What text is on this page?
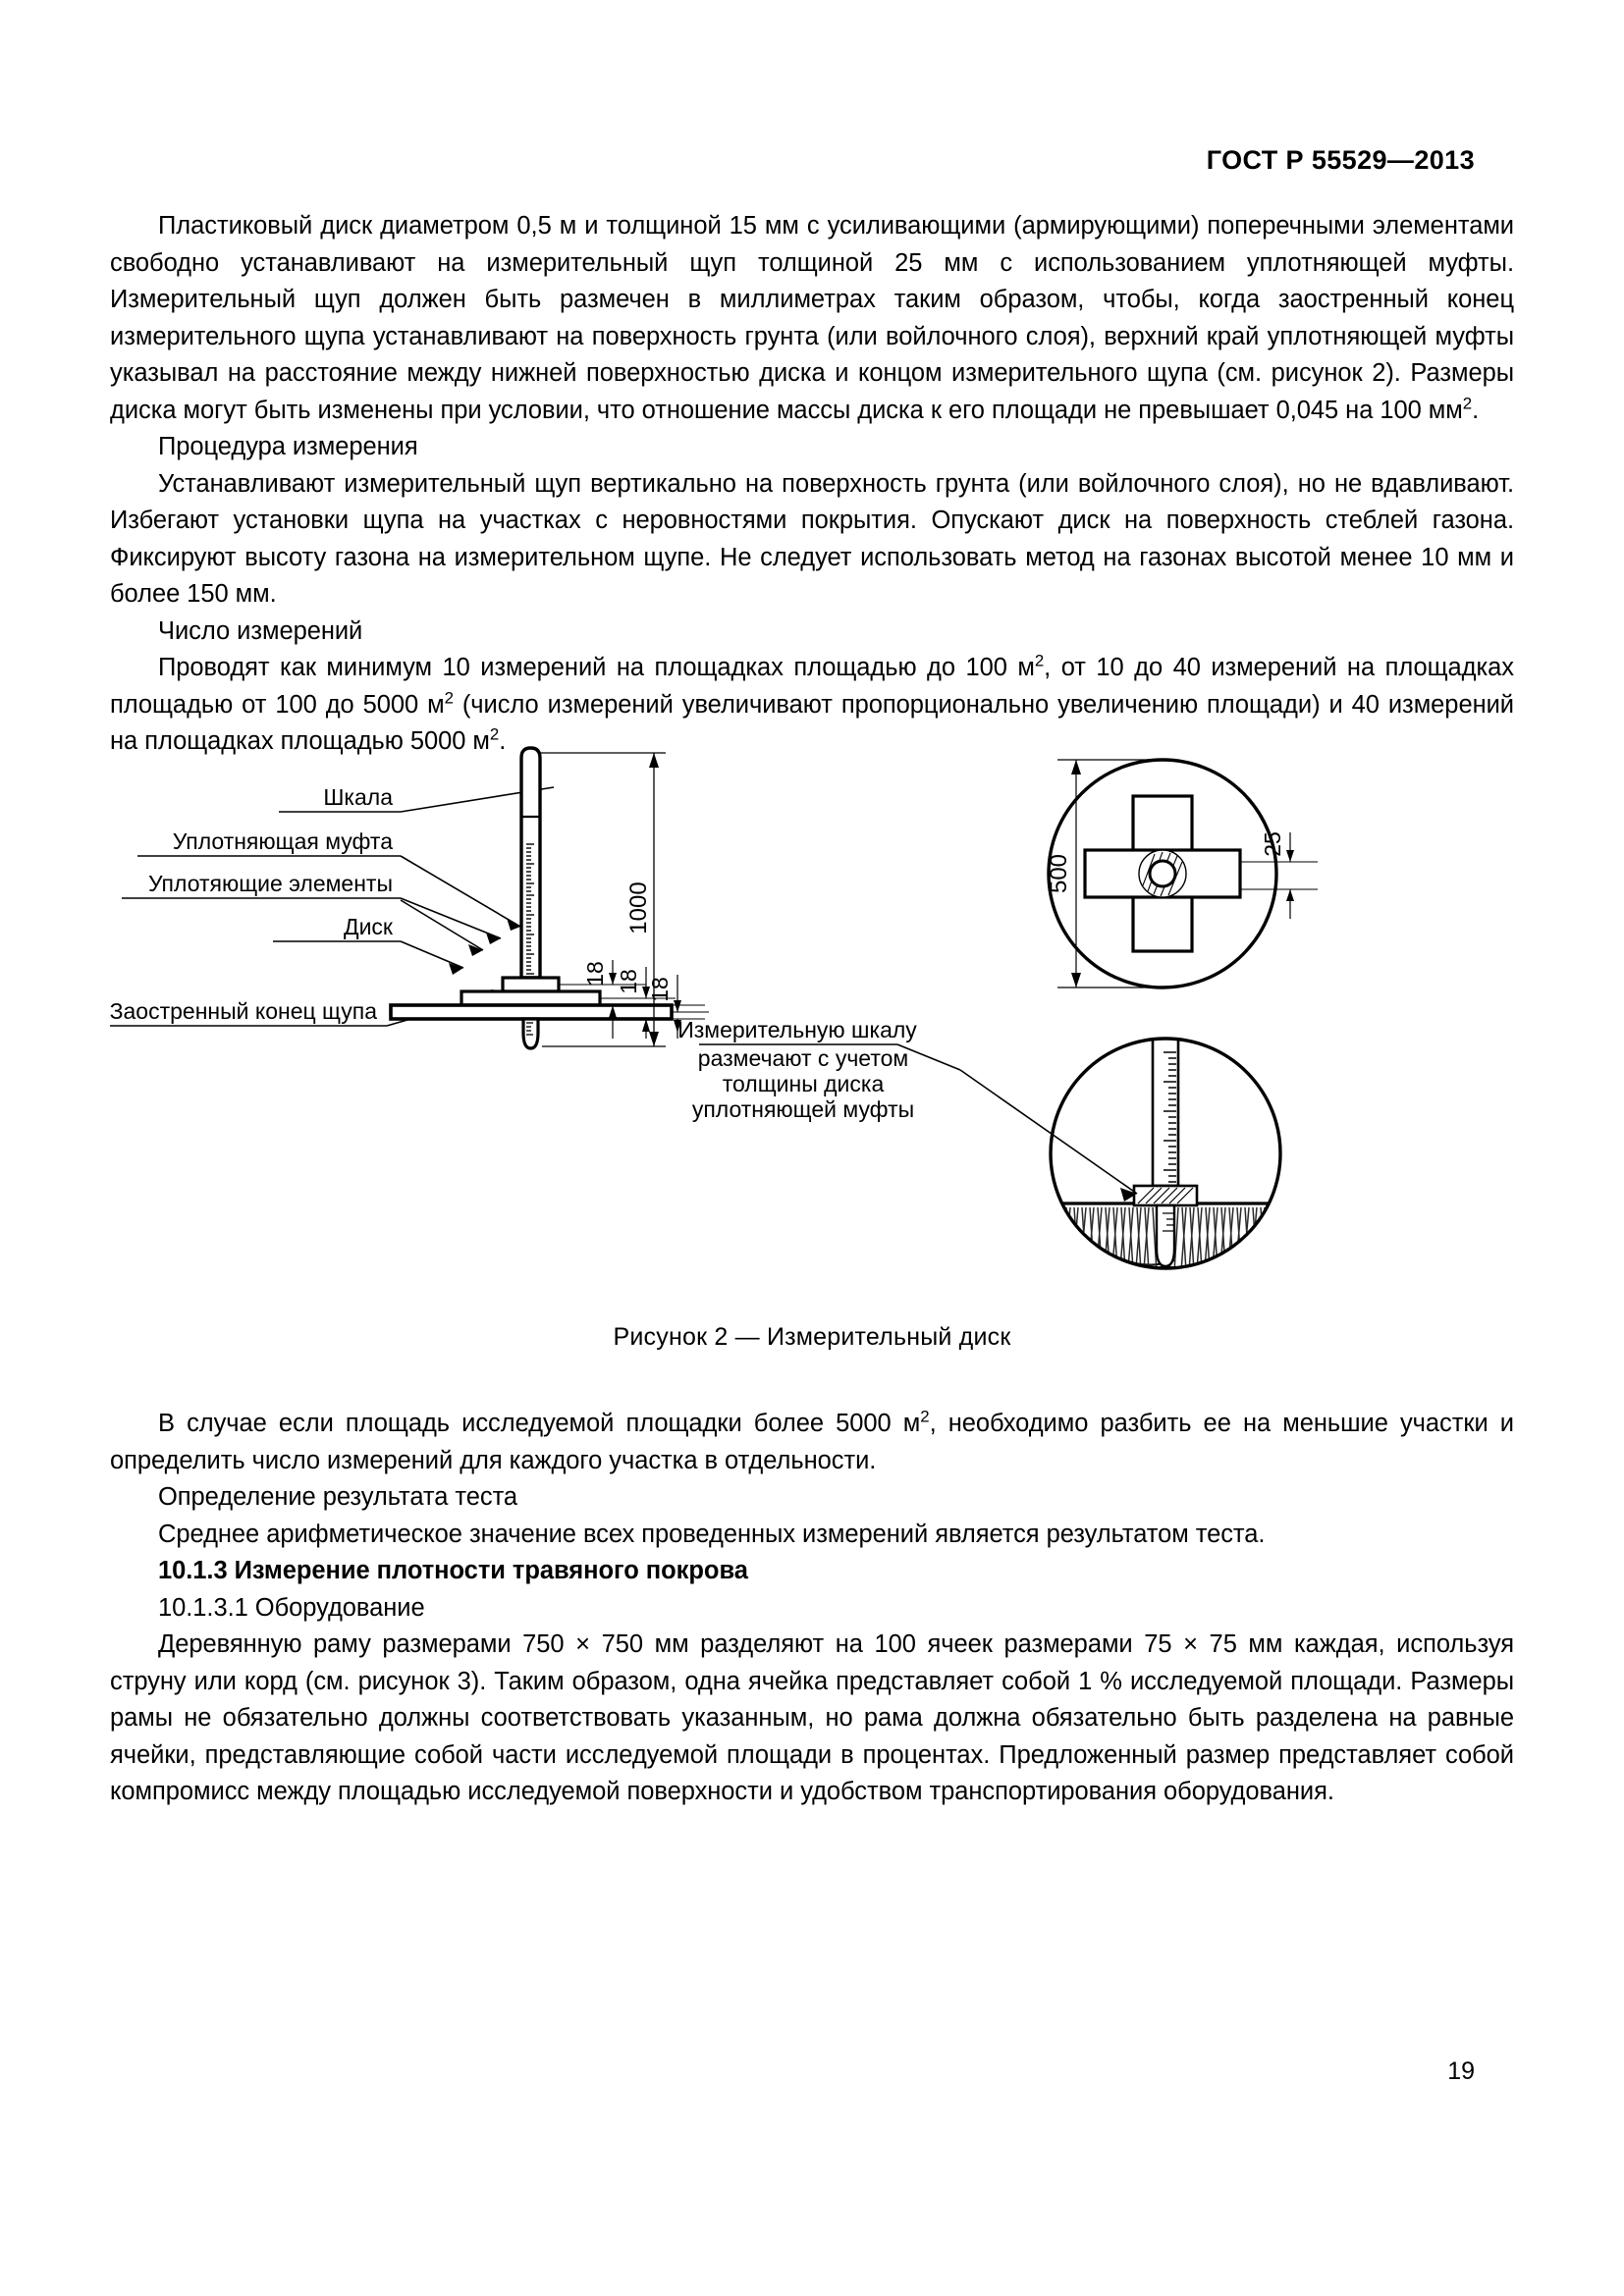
ГОСТ Р 55529—2013

Пластиковый диск диаметром 0,5 м и толщиной 15 мм с усиливающими (армирующими) поперечными элементами свободно устанавливают на измерительный щуп толщиной 25 мм с использованием уплотняющей муфты. Измерительный щуп должен быть размечен в миллиметрах таким образом, чтобы, когда заостренный конец измерительного щупа устанавливают на поверхность грунта (или войлочного слоя), верхний край уплотняющей муфты указывал на расстояние между нижней поверхностью диска и концом измерительного щупа (см. рисунок 2). Размеры диска могут быть изменены при условии, что отношение массы диска к его площади не превышает 0,045 на 100 $мм^2$.

Процедура измерения

Устанавливают измерительный щуп вертикально на поверхность грунта (или войлочного слоя), но не вдавливают. Избегают установки щупа на участках с неровностями покрытия. Опускают диск на поверхность стеблей газона. Фиксируют высоту газона на измерительном щупе. Не следует использовать метод на газонах высотой менее 10 мм и более 150 мм.

Число измерений

Проводят как минимум 10 измерений на площадках площадью до 100 $м^2$, от 10 до 40 измерений на площадках площадью от 100 до 5000 $м^2$ (число измерений увеличивают пропорционально увеличению площади) и 40 измерений на площадках площадью 5000 $м^2$.

Шкала
Уплотняющая муфта
Уплотяющие элементы
Диск
Заостренный конец щупа
1000
18 18 18
500
25
Измерительную шкалу
размечают с учетом
толщины диска
уплотняющей муфты
Рисунок 2 — Измерительный диск

В случае если площадь исследуемой площадки более 5000 $м^2$, необходимо разбить ее на меньшие участки и определить число измерений для каждого участка в отдельности.

Определение результата теста

Среднее арифметическое значение всех проведенных измерений является результатом теста.

10.1.3 Измерение плотности травяного покрова

10.1.3.1 Оборудование

Деревянную раму размерами 750 × 750 мм разделяют на 100 ячеек размерами 75 × 75 мм каждая, используя струну или корд (см. рисунок 3). Таким образом, одна ячейка представляет собой 1 % исследуемой площади. Размеры рамы не обязательно должны соответствовать указанным, но рама должна обязательно быть разделена на равные ячейки, представляющие собой части исследуемой площади в процентах. Предложенный размер представляет собой компромисс между площадью исследуемой поверхности и удобством транспортирования оборудования.

19
